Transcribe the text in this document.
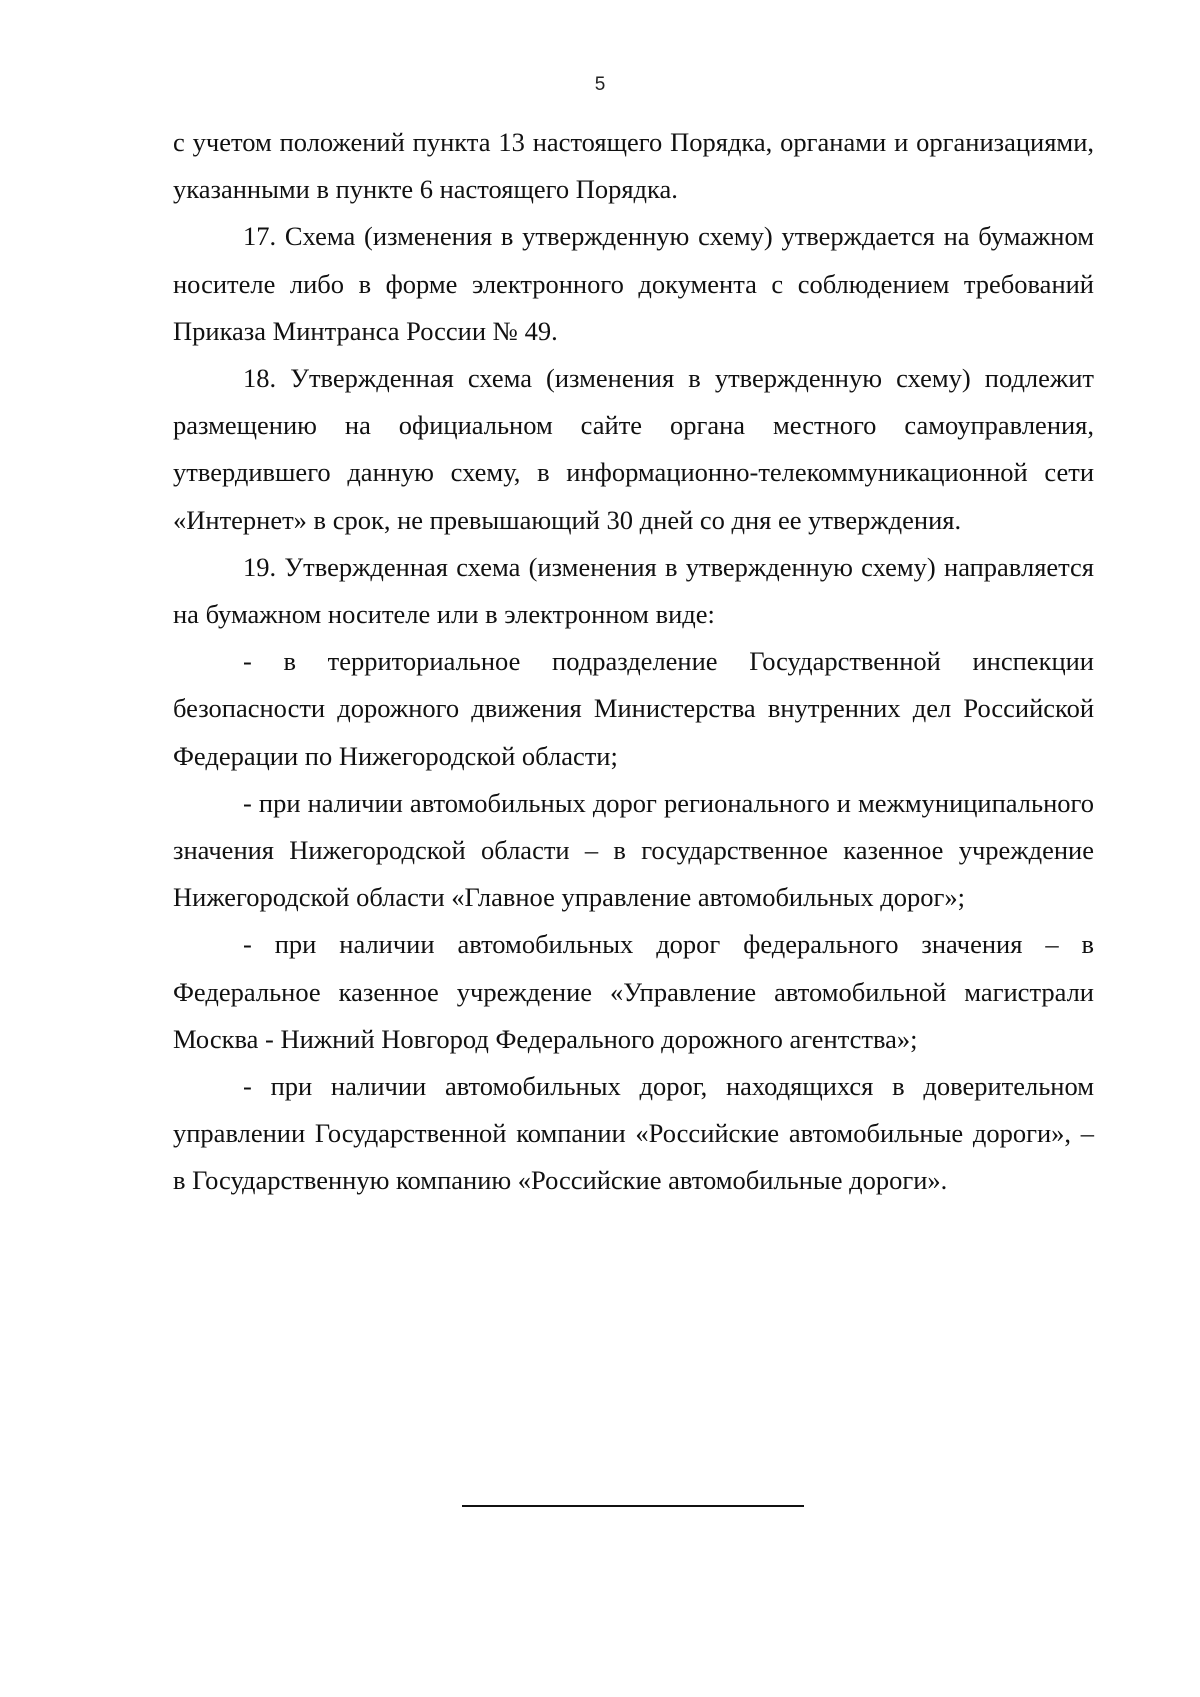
5

с учетом положений пункта 13 настоящего Порядка, органами и организациями, указанными в пункте 6 настоящего Порядка.

17. Схема (изменения в утвержденную схему) утверждается на бумажном носителе либо в форме электронного документа с соблюдением требований Приказа Минтранса России № 49.

18. Утвержденная схема (изменения в утвержденную схему) подлежит размещению на официальном сайте органа местного самоуправления, утвердившего данную схему, в информационно-телекоммуникационной сети «Интернет» в срок, не превышающий 30 дней со дня ее утверждения.

19. Утвержденная схема (изменения в утвержденную схему) направляется на бумажном носителе или в электронном виде:

- в территориальное подразделение Государственной инспекции безопасности дорожного движения Министерства внутренних дел Российской Федерации по Нижегородской области;

- при наличии автомобильных дорог регионального и межмуниципального значения Нижегородской области – в государственное казенное учреждение Нижегородской области «Главное управление автомобильных дорог»;

- при наличии автомобильных дорог федерального значения – в Федеральное казенное учреждение «Управление автомобильной магистрали Москва - Нижний Новгород Федерального дорожного агентства»;

- при наличии автомобильных дорог, находящихся в доверительном управлении Государственной компании «Российские автомобильные дороги», – в Государственную компанию «Российские автомобильные дороги».
